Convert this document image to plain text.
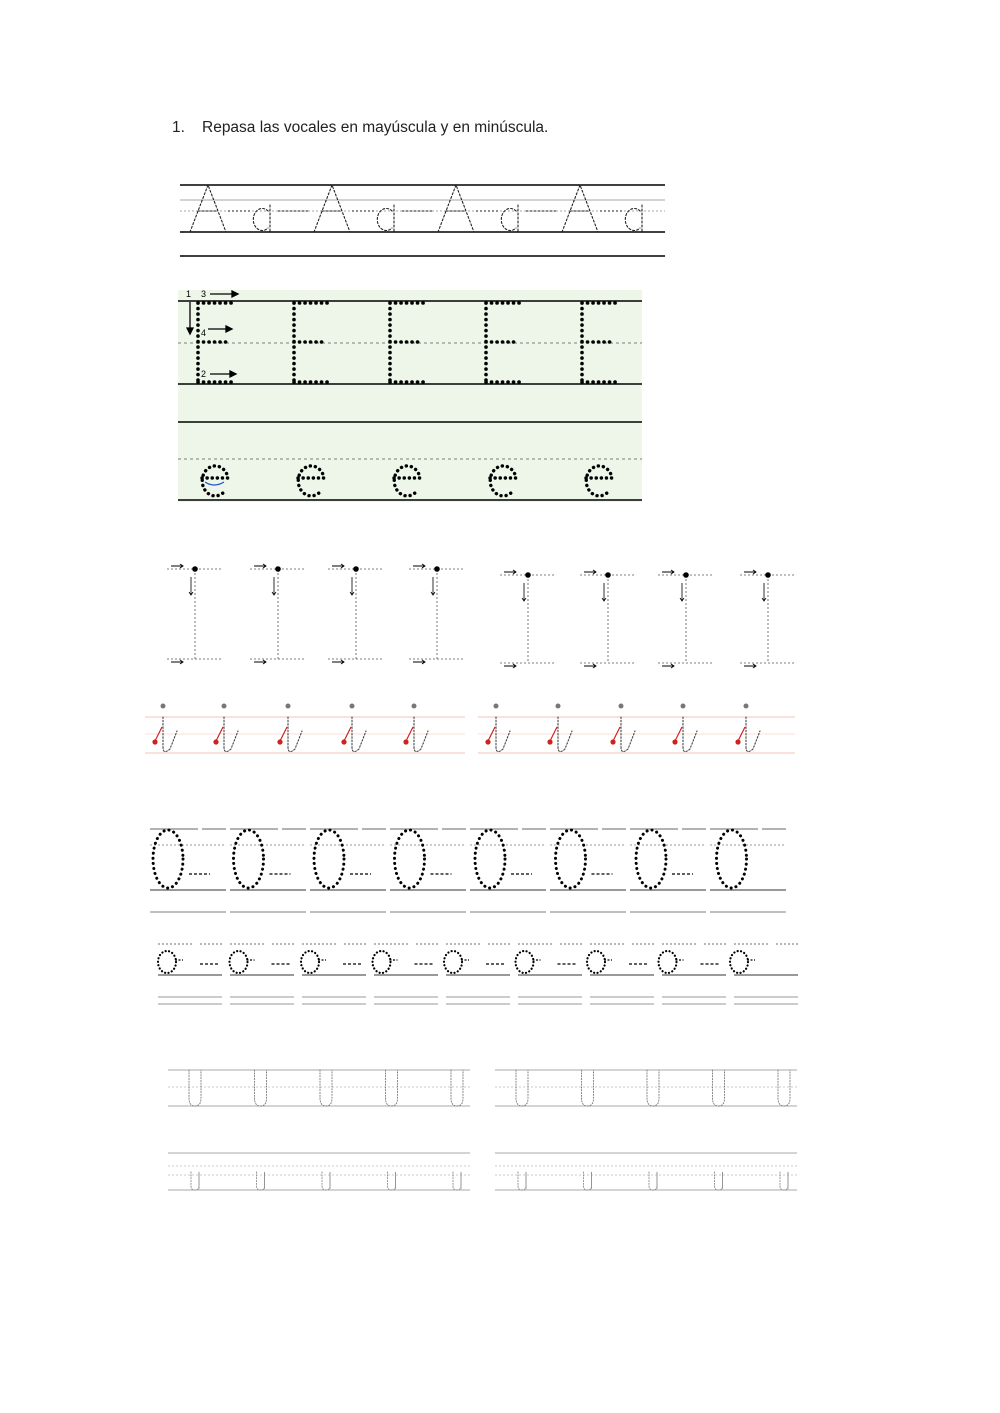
1. Repasa las vocales en mayúscula y en minúscula.
1 3
4
2
